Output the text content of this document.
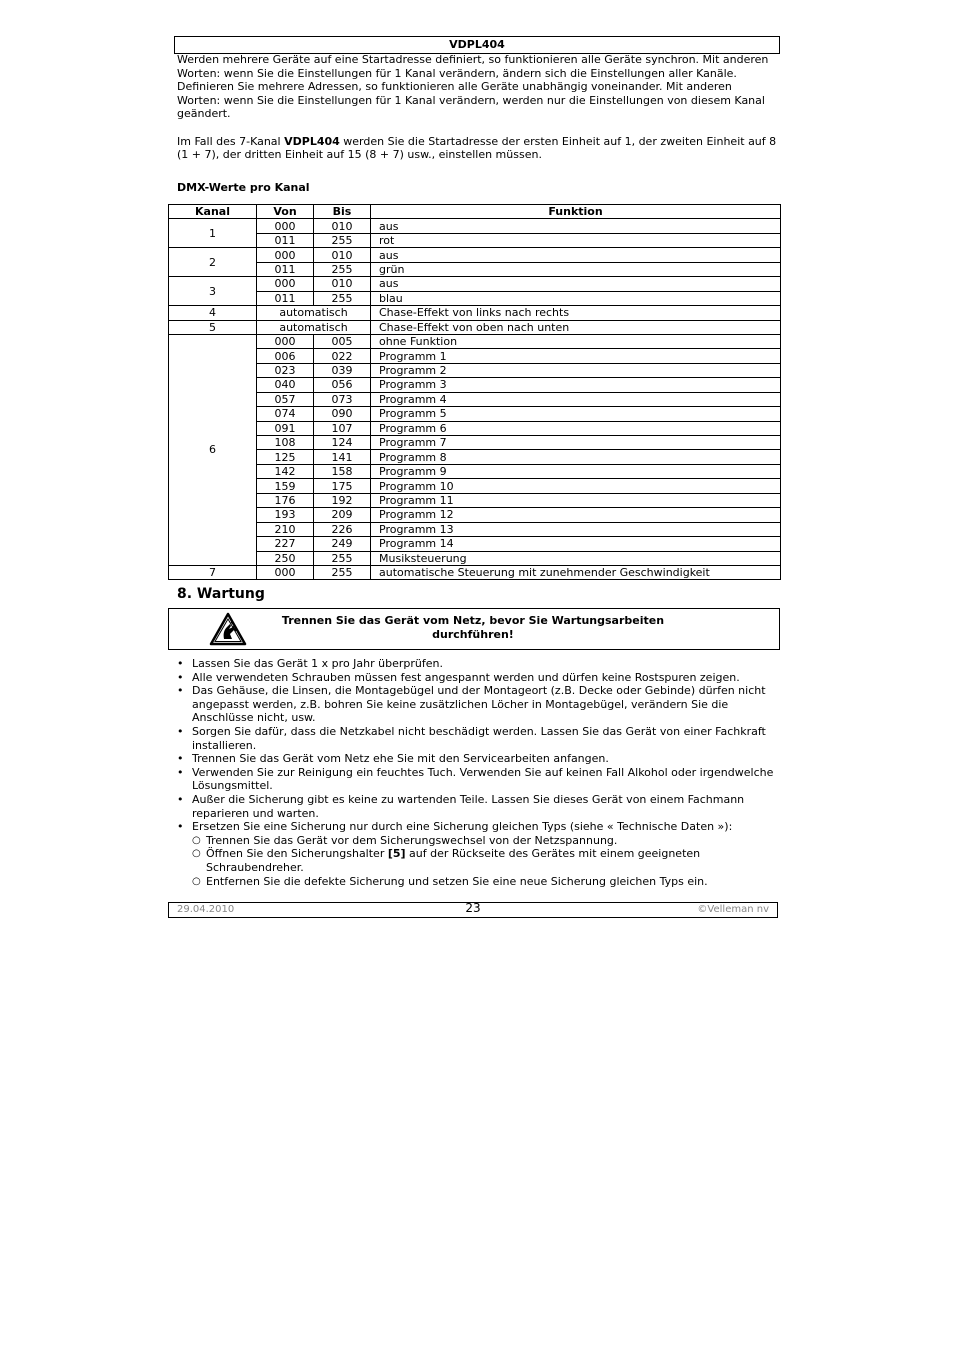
VDPL404

Werden mehrere Geräte auf eine Startadresse definiert, so funktionieren alle Geräte synchron. Mit anderen Worten: wenn Sie die Einstellungen für 1 Kanal verändern, ändern sich die Einstellungen aller Kanäle.

Definieren Sie mehrere Adressen, so funktionieren alle Geräte unabhängig voneinander. Mit anderen Worten: wenn Sie die Einstellungen für 1 Kanal verändern, werden nur die Einstellungen von diesem Kanal geändert.

Im Fall des 7-Kanal VDPL404 werden Sie die Startadresse der ersten Einheit auf 1, der zweiten Einheit auf 8 (1 + 7), der dritten Einheit auf 15 (8 + 7) usw., einstellen müssen.

DMX-Werte pro Kanal
Kanal	Von	Bis	Funktion
1	000	010	aus
	011	255	rot
2	000	010	aus
	011	255	grün
3	000	010	aus
	011	255	blau
4	automatisch		Chase-Effekt von links nach rechts
5	automatisch		Chase-Effekt von oben nach unten
6	000	005	ohne Funktion
	006	022	Programm 1
	023	039	Programm 2
	040	056	Programm 3
	057	073	Programm 4
	074	090	Programm 5
	091	107	Programm 6
	108	124	Programm 7
	125	141	Programm 8
	142	158	Programm 9
	159	175	Programm 10
	176	192	Programm 11
	193	209	Programm 12
	210	226	Programm 13
	227	249	Programm 14
	250	255	Musiksteuerung
7	000	255	automatische Steuerung mit zunehmender Geschwindigkeit
8. Wartung
Trennen Sie das Gerät vom Netz, bevor Sie Wartungsarbeiten durchführen!
• Lassen Sie das Gerät 1 x pro Jahr überprüfen.
• Alle verwendeten Schrauben müssen fest angespannt werden und dürfen keine Rostspuren zeigen.
• Das Gehäuse, die Linsen, die Montagebügel und der Montageort (z.B. Decke oder Gebinde) dürfen nicht angepasst werden, z.B. bohren Sie keine zusätzlichen Löcher in Montagebügel, verändern Sie die Anschlüsse nicht, usw.
• Sorgen Sie dafür, dass die Netzkabel nicht beschädigt werden. Lassen Sie das Gerät von einer Fachkraft installieren.
• Trennen Sie das Gerät vom Netz ehe Sie mit den Servicearbeiten anfangen.
• Verwenden Sie zur Reinigung ein feuchtes Tuch. Verwenden Sie auf keinen Fall Alkohol oder irgendwelche Lösungsmittel.
• Außer die Sicherung gibt es keine zu wartenden Teile. Lassen Sie dieses Gerät von einem Fachmann reparieren und warten.
• Ersetzen Sie eine Sicherung nur durch eine Sicherung gleichen Typs (siehe « Technische Daten »):
○ Trennen Sie das Gerät vor dem Sicherungswechsel von der Netzspannung.
○ Öffnen Sie den Sicherungshalter [5] auf der Rückseite des Gerätes mit einem geeigneten Schraubendreher.
○ Entfernen Sie die defekte Sicherung und setzen Sie eine neue Sicherung gleichen Typs ein.
29.04.2010	23	©Velleman nv
